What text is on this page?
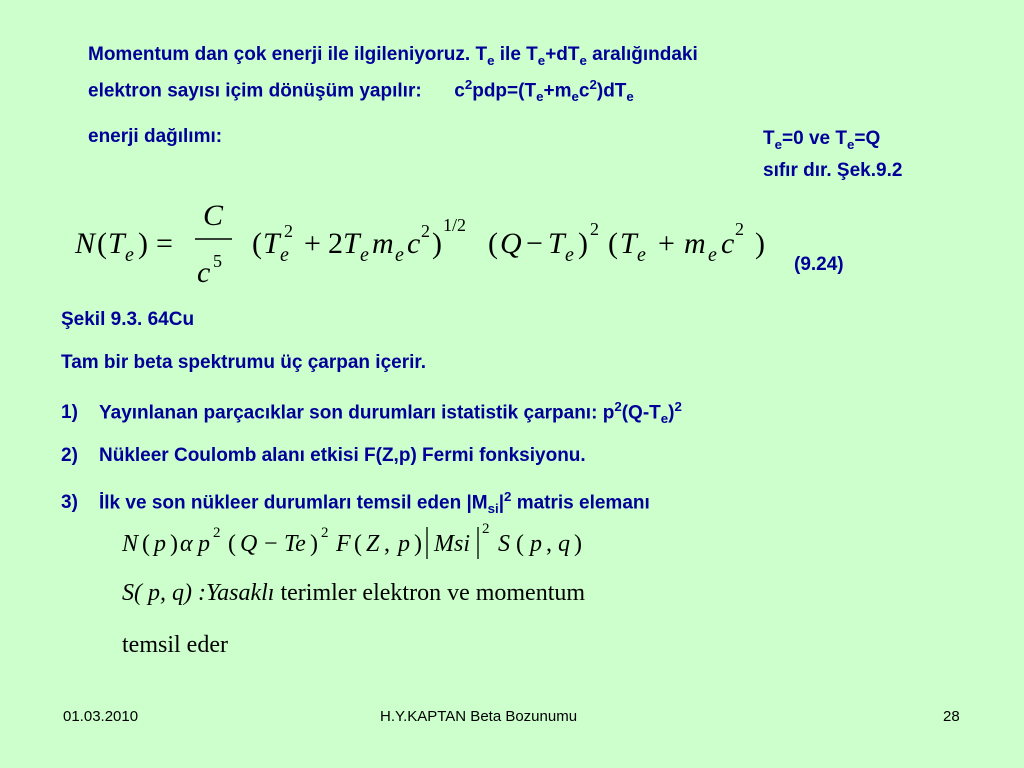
Momentum dan çok enerji ile ilgileniyoruz. $T_e$ ile $T_e+dT_e$ aralığındaki
elektron sayısı içim dönüşüm yapılır: $c^2pdp=(T_e+m_ec^2)dT_e$
enerji dağılımı:	$T_e=0$ ve $T_e=Q$
sıfır dır. Şek.9.2
N ( T e ) =
C
c 5
( T e
2 + 2 T e m e c 2 )
1/2
( Q − T e ) 2 ( T e + m e c 2 )
(9.24)
Şekil 9.3. 64Cu
Tam bir beta spektrumu üç çarpan içerir.
1) Yayınlanan parçacıklar son durumları istatistik çarpanı: $p^2(Q-T_e)^2$
2) Nükleer Coulomb alanı etkisi F(Z,p) Fermi fonksiyonu.
3) İlk ve son nükleer durumları temsil eden $|M_{si}|^2$ matris elemanı
N ( p ) α p 2 ( Q − Te ) 2 F ( Z , p ) Msi
2
S ( p , q )
S( p, q) :Yasaklı terimler elektron ve momentum
temsil eder
01.03.2010	H.Y.KAPTAN Beta Bozunumu	28
